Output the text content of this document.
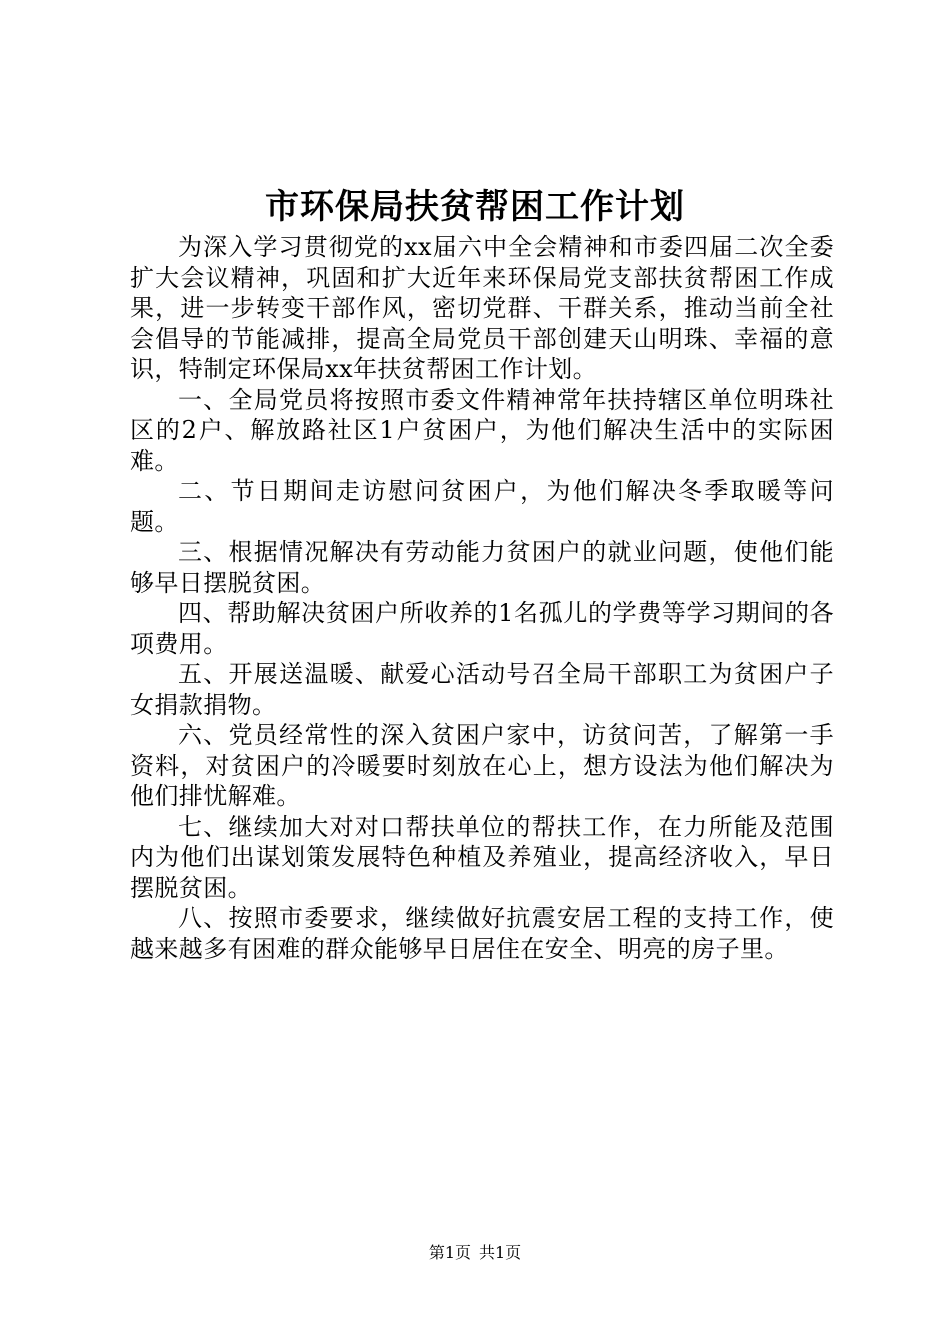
市环保局扶贫帮困工作计划

为深入学习贯彻党的xx届六中全会精神和市委四届二次全委扩大会议精神，巩固和扩大近年来环保局党支部扶贫帮困工作成果，进一步转变干部作风，密切党群、干群关系，推动当前全社会倡导的节能减排，提高全局党员干部创建天山明珠、幸福的意识，特制定环保局xx年扶贫帮困工作计划。

一、全局党员将按照市委文件精神常年扶持辖区单位明珠社区的2户、解放路社区1户贫困户，为他们解决生活中的实际困难。

二、节日期间走访慰问贫困户，为他们解决冬季取暖等问题。

三、根据情况解决有劳动能力贫困户的就业问题，使他们能够早日摆脱贫困。

四、帮助解决贫困户所收养的1名孤儿的学费等学习期间的各项费用。

五、开展送温暖、献爱心活动号召全局干部职工为贫困户子女捐款捐物。

六、党员经常性的深入贫困户家中，访贫问苦，了解第一手资料，对贫困户的冷暖要时刻放在心上，想方设法为他们解决为他们排忧解难。

七、继续加大对对口帮扶单位的帮扶工作，在力所能及范围内为他们出谋划策发展特色种植及养殖业，提高经济收入，早日摆脱贫困。

八、按照市委要求，继续做好抗震安居工程的支持工作，使越来越多有困难的群众能够早日居住在安全、明亮的房子里。

第1页 共1页
